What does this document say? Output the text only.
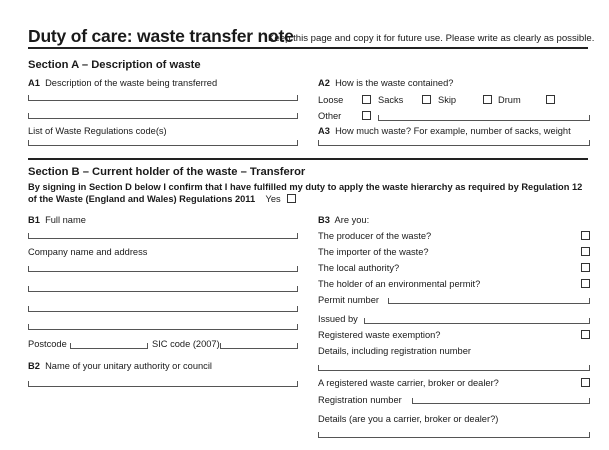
Duty of care: waste transfer note
Keep this page and copy it for future use. Please write as clearly as possible.
Section A – Description of waste
A1 Description of the waste being transferred
List of Waste Regulations code(s)
A2 How is the waste contained?
Loose	Sacks	Skip	Drum
Other
A3 How much waste? For example, number of sacks, weight
Section B – Current holder of the waste – Transferor
By signing in Section D below I confirm that I have fulfilled my duty to apply the waste hierarchy as required by Regulation 12 of the Waste (England and Wales) Regulations 2011 Yes
B1 Full name
Company name and address
Postcode	SIC code (2007)
B2 Name of your unitary authority or council
B3 Are you:
The producer of the waste?
The importer of the waste?
The local authority?
The holder of an environmental permit?
Permit number
Issued by
Registered waste exemption?
Details, including registration number
A registered waste carrier, broker or dealer?
Registration number
Details (are you a carrier, broker or dealer?)
